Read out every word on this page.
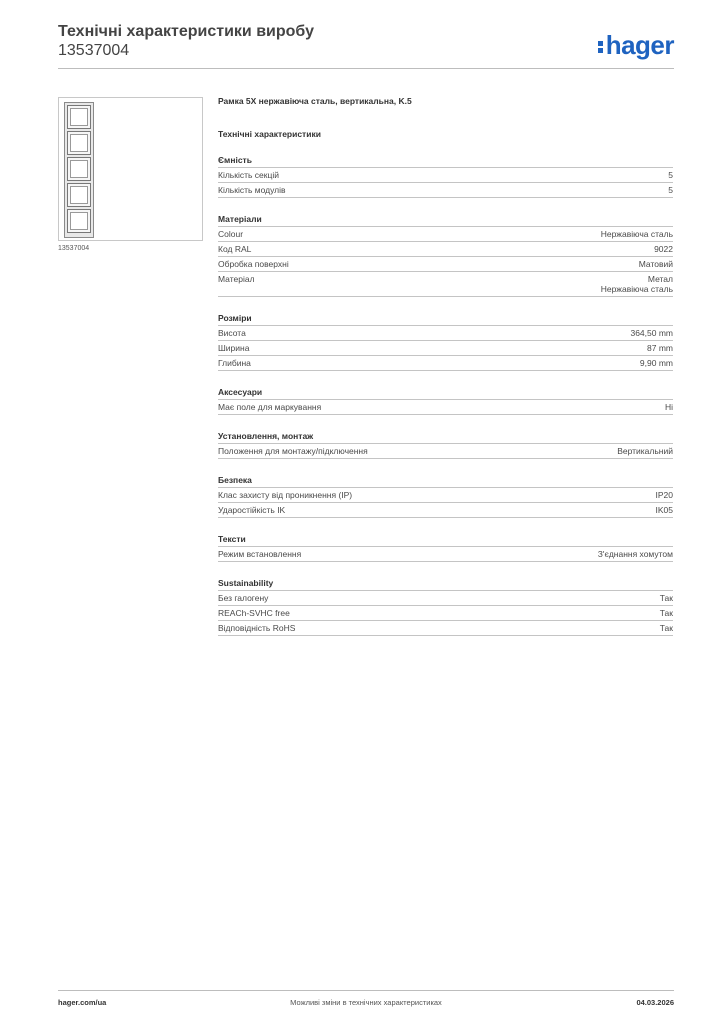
Технічні характеристики виробу
13537004	hager
13537004
Рамка 5X нержавіюча сталь, вертикальна, K.5
Технічні характеристики
Ємність
Кількість секцій	5
Кількість модулів	5
Матеріали
Colour	Нержавіюча сталь
Код RAL	9022
Обробка поверхні	Матовий
Матеріал	Метал
Нержавіюча сталь
Розміри
Висота	364,50 mm
Ширина	87 mm
Глибина	9,90 mm
Аксесуари
Має поле для маркування	Ні
Установлення, монтаж
Положення для монтажу/підключення	Вертикальний
Безпека
Клас захисту від проникнення (IP)	IP20
Ударостійкість IK	IK05
Тексти
Режим встановлення	З'єднання хомутом
Sustainability
Без галогену	Так
REACh-SVHC free	Так
Відповідність RoHS	Так
hager.com/ua	Можливі зміни в технічних характеристиках	04.03.2026
